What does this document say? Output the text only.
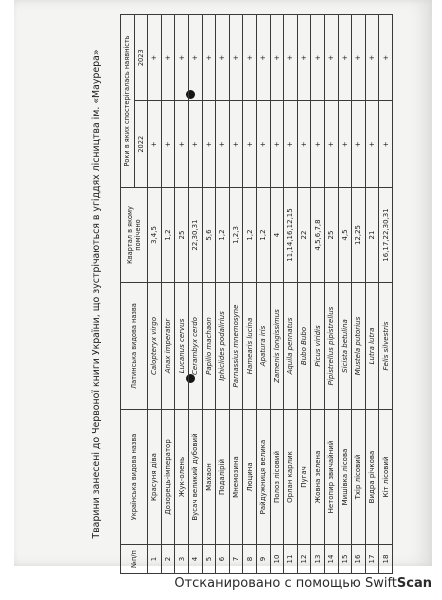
Тварини занесені до Червоної книги України, що зустрічаються в угіддях лісництва ім. «Маурера»
№п/п	Українська видова назва	Латинська видова назва	Квартал в якому помічено	Роки в яких спостерігалась наявність	
				2022	2023
1	Красуня діва	Calopteryx virgo	3,4,5	+	+
2	Дозорець-імператор	Anax imperator	1,2	+	+
3	Жук-олень	Lucanus cervus	25	+	+
4	Вусач великий дубовий	Cerambyx cerdo	22,30,31	+	+
5	Махаон	Papilio machaon	5,6	+	+
6	Подалірій	Iphiclides podalirius	1,2	+	+
7	Мнемозина	Parnassius mnemosyne	1,2,3	+	+
8	Люцина	Hamearis lucina	1,2	+	+
9	Райдужниця велика	Apatura iris	1,2	+	+
10	Полоз лісовий	Zamenis longissimus	4	+	+
11	Орлан карлик	Aquila pennatus	11,14,16,12,15	+	+
12	Пугач	Bubo Bubo	22	+	+
13	Жовна зелена	Picus viridis	4,5,6,7,8	+	+
14	Нетопир звичайний	Pipistrellus pipistrellus	25	+	+
15	Мишівка лісова	Sicista betulina	4,5	+	+
16	Тхір лісовий	Mustela putorius	12,25	+	+
17	Видра річкова	Lutra lutra	21	+	+
18	Кіт лісовий	Felis silvestris	16,17,22,30,31	+	+
Отсканировано с помощью SwiftScan
